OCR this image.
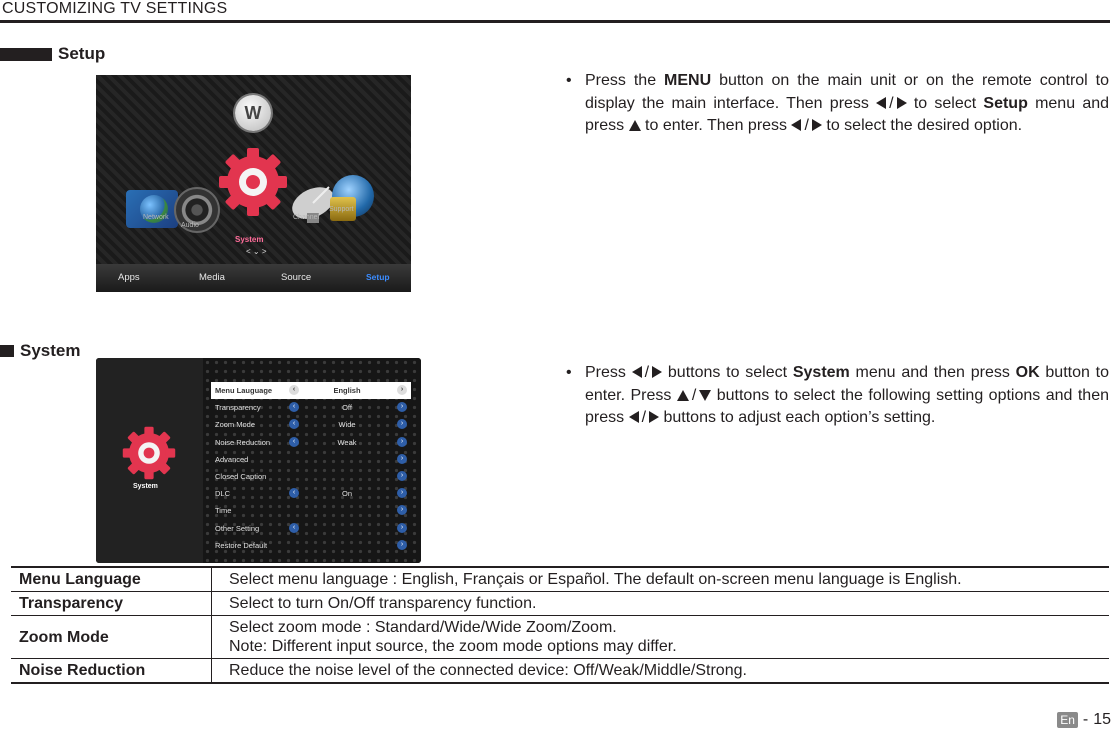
CUSTOMIZING TV SETTINGS
Setup
W
Network
Audio
Channel
Support
System
< ⌄ >
Apps	Media	Source	Setup
• Press the MENU button on the main unit or on the remote control to display the main interface. Then press / to select Setup menu and press  to enter. Then press / to select the desired option.
System
System
Menu Lauguage	‹	English	›
Transparency	‹	Off	›
Zoom Mode	‹	Wide	›
Noise Reduction	‹	Weak	›
Advanced	›
Closed Caption	›
DLC	‹	On	›
Time	›
Other Setting	‹	›
Restore Default	›
• Press / buttons to select System menu and then press OK button to enter. Press / buttons to select the following setting options and then press / buttons to adjust each option’s setting.
Menu Language	Select menu language : English, Français or Español. The default on-screen menu language is English.

Transparency	Select to turn On/Off transparency function.

Zoom Mode	Select zoom mode : Standard/Wide/Wide Zoom/Zoom.
Note: Different input source, the zoom mode options may differ.

Noise Reduction	Reduce the noise level of the connected device: Off/Weak/Middle/Strong.
En - 15
